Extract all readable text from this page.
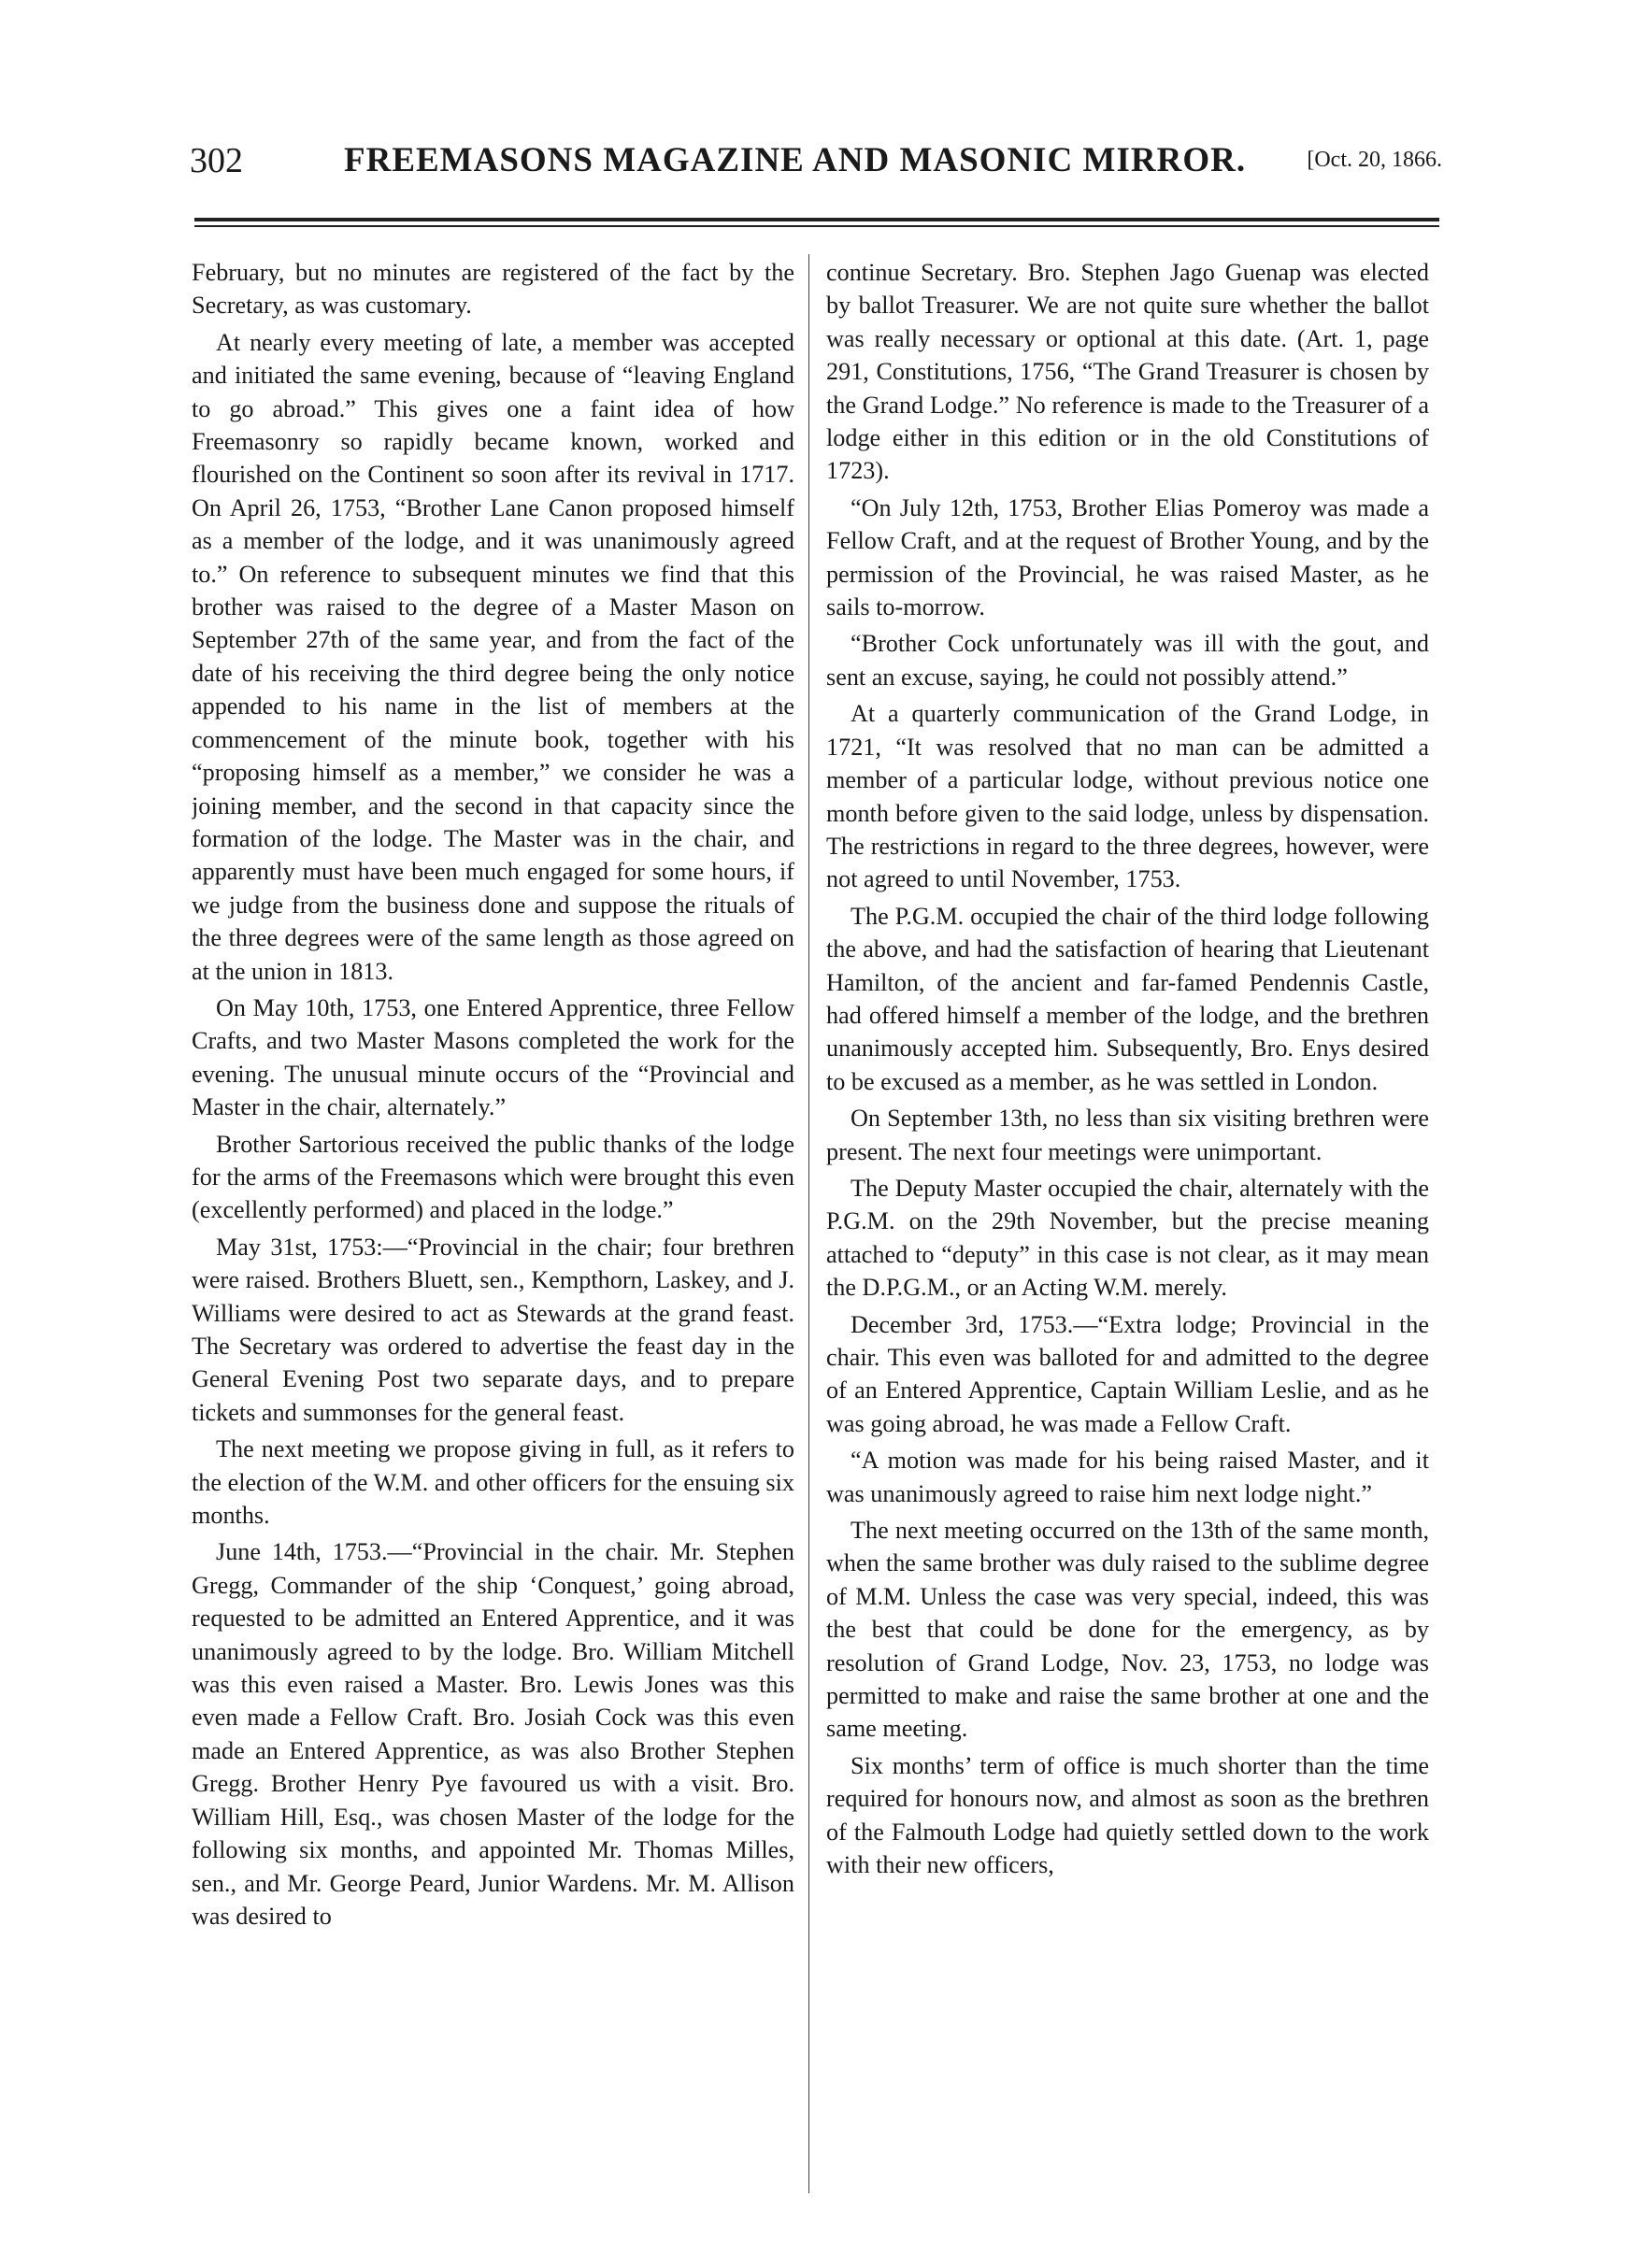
302	FREEMASONS MAGAZINE AND MASONIC MIRROR.	[Oct. 20, 1866.

February, but no minutes are registered of the fact by the Secretary, as was customary.

At nearly every meeting of late, a member was accepted and initiated the same evening, because of “leaving England to go abroad.” This gives one a faint idea of how Freemasonry so rapidly became known, worked and flourished on the Continent so soon after its revival in 1717. On April 26, 1753, “Brother Lane Canon proposed himself as a member of the lodge, and it was unanimously agreed to.” On reference to subsequent minutes we find that this brother was raised to the degree of a Master Mason on September 27th of the same year, and from the fact of the date of his receiving the third degree being the only notice appended to his name in the list of members at the commencement of the minute book, together with his “proposing himself as a member,” we consider he was a joining member, and the second in that capacity since the formation of the lodge. The Master was in the chair, and apparently must have been much engaged for some hours, if we judge from the business done and suppose the rituals of the three degrees were of the same length as those agreed on at the union in 1813.

On May 10th, 1753, one Entered Apprentice, three Fellow Crafts, and two Master Masons completed the work for the evening. The unusual minute occurs of the “Provincial and Master in the chair, alternately.”

Brother Sartorious received the public thanks of the lodge for the arms of the Freemasons which were brought this even (excellently performed) and placed in the lodge.”

May 31st, 1753:—“Provincial in the chair; four brethren were raised. Brothers Bluett, sen., Kempthorn, Laskey, and J. Williams were desired to act as Stewards at the grand feast. The Secretary was ordered to advertise the feast day in the General Evening Post two separate days, and to prepare tickets and summonses for the general feast.

The next meeting we propose giving in full, as it refers to the election of the W.M. and other officers for the ensuing six months.

June 14th, 1753.—“Provincial in the chair. Mr. Stephen Gregg, Commander of the ship ‘Conquest,’ going abroad, requested to be admitted an Entered Apprentice, and it was unanimously agreed to by the lodge. Bro. William Mitchell was this even raised a Master. Bro. Lewis Jones was this even made a Fellow Craft. Bro. Josiah Cock was this even made an Entered Apprentice, as was also Brother Stephen Gregg. Brother Henry Pye favoured us with a visit. Bro. William Hill, Esq., was chosen Master of the lodge for the following six months, and appointed Mr. Thomas Milles, sen., and Mr. George Peard, Junior Wardens. Mr. M. Allison was desired to

continue Secretary. Bro. Stephen Jago Guenap was elected by ballot Treasurer. We are not quite sure whether the ballot was really necessary or optional at this date. (Art. 1, page 291, Constitutions, 1756, “The Grand Treasurer is chosen by the Grand Lodge.” No reference is made to the Treasurer of a lodge either in this edition or in the old Constitutions of 1723).

“On July 12th, 1753, Brother Elias Pomeroy was made a Fellow Craft, and at the request of Brother Young, and by the permission of the Provincial, he was raised Master, as he sails to-morrow.

“Brother Cock unfortunately was ill with the gout, and sent an excuse, saying, he could not possibly attend.”

At a quarterly communication of the Grand Lodge, in 1721, “It was resolved that no man can be admitted a member of a particular lodge, without previous notice one month before given to the said lodge, unless by dispensation. The restrictions in regard to the three degrees, however, were not agreed to until November, 1753.

The P.G.M. occupied the chair of the third lodge following the above, and had the satisfaction of hearing that Lieutenant Hamilton, of the ancient and far-famed Pendennis Castle, had offered himself a member of the lodge, and the brethren unanimously accepted him. Subsequently, Bro. Enys desired to be excused as a member, as he was settled in London.

On September 13th, no less than six visiting brethren were present. The next four meetings were unimportant.

The Deputy Master occupied the chair, alternately with the P.G.M. on the 29th November, but the precise meaning attached to “deputy” in this case is not clear, as it may mean the D.P.G.M., or an Acting W.M. merely.

December 3rd, 1753.—“Extra lodge; Provincial in the chair. This even was balloted for and admitted to the degree of an Entered Apprentice, Captain William Leslie, and as he was going abroad, he was made a Fellow Craft.

“A motion was made for his being raised Master, and it was unanimously agreed to raise him next lodge night.”

The next meeting occurred on the 13th of the same month, when the same brother was duly raised to the sublime degree of M.M. Unless the case was very special, indeed, this was the best that could be done for the emergency, as by resolution of Grand Lodge, Nov. 23, 1753, no lodge was permitted to make and raise the same brother at one and the same meeting.

Six months’ term of office is much shorter than the time required for honours now, and almost as soon as the brethren of the Falmouth Lodge had quietly settled down to the work with their new officers,
